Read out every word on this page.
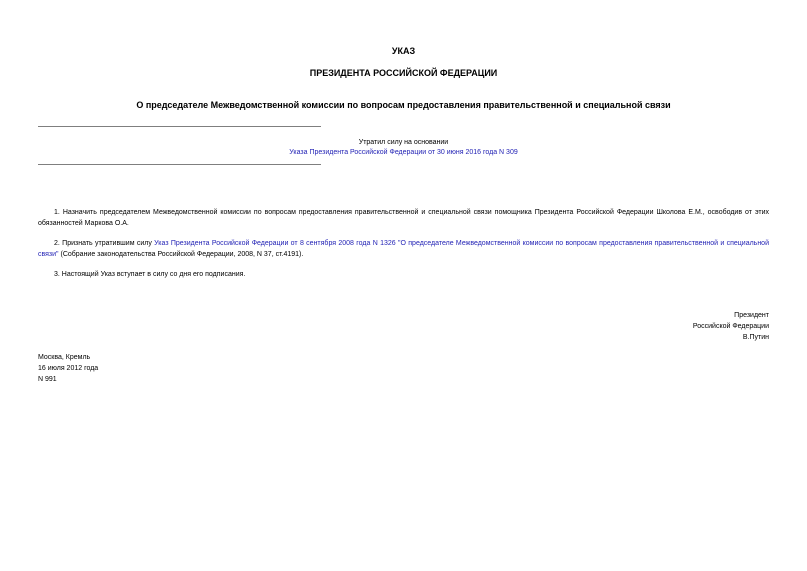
УКАЗ
ПРЕЗИДЕНТА РОССИЙСКОЙ ФЕДЕРАЦИИ
О председателе Межведомственной комиссии по вопросам предоставления правительственной и специальной связи
Утратил силу на основании
Указа Президента Российской Федерации от 30 июня 2016 года N 309
1. Назначить председателем Межведомственной комиссии по вопросам предоставления правительственной и специальной связи помощника Президента Российской Федерации Школова Е.М., освободив от этих обязанностей Маркова О.А.
2. Признать утратившим силу Указ Президента Российской Федерации от 8 сентября 2008 года N 1326 "О председателе Межведомственной комиссии по вопросам предоставления правительственной и специальной связи" (Собрание законодательства Российской Федерации, 2008, N 37, ст.4191).
3. Настоящий Указ вступает в силу со дня его подписания.
Президент
Российской Федерации
В.Путин
Москва, Кремль
16 июля 2012 года
N 991
